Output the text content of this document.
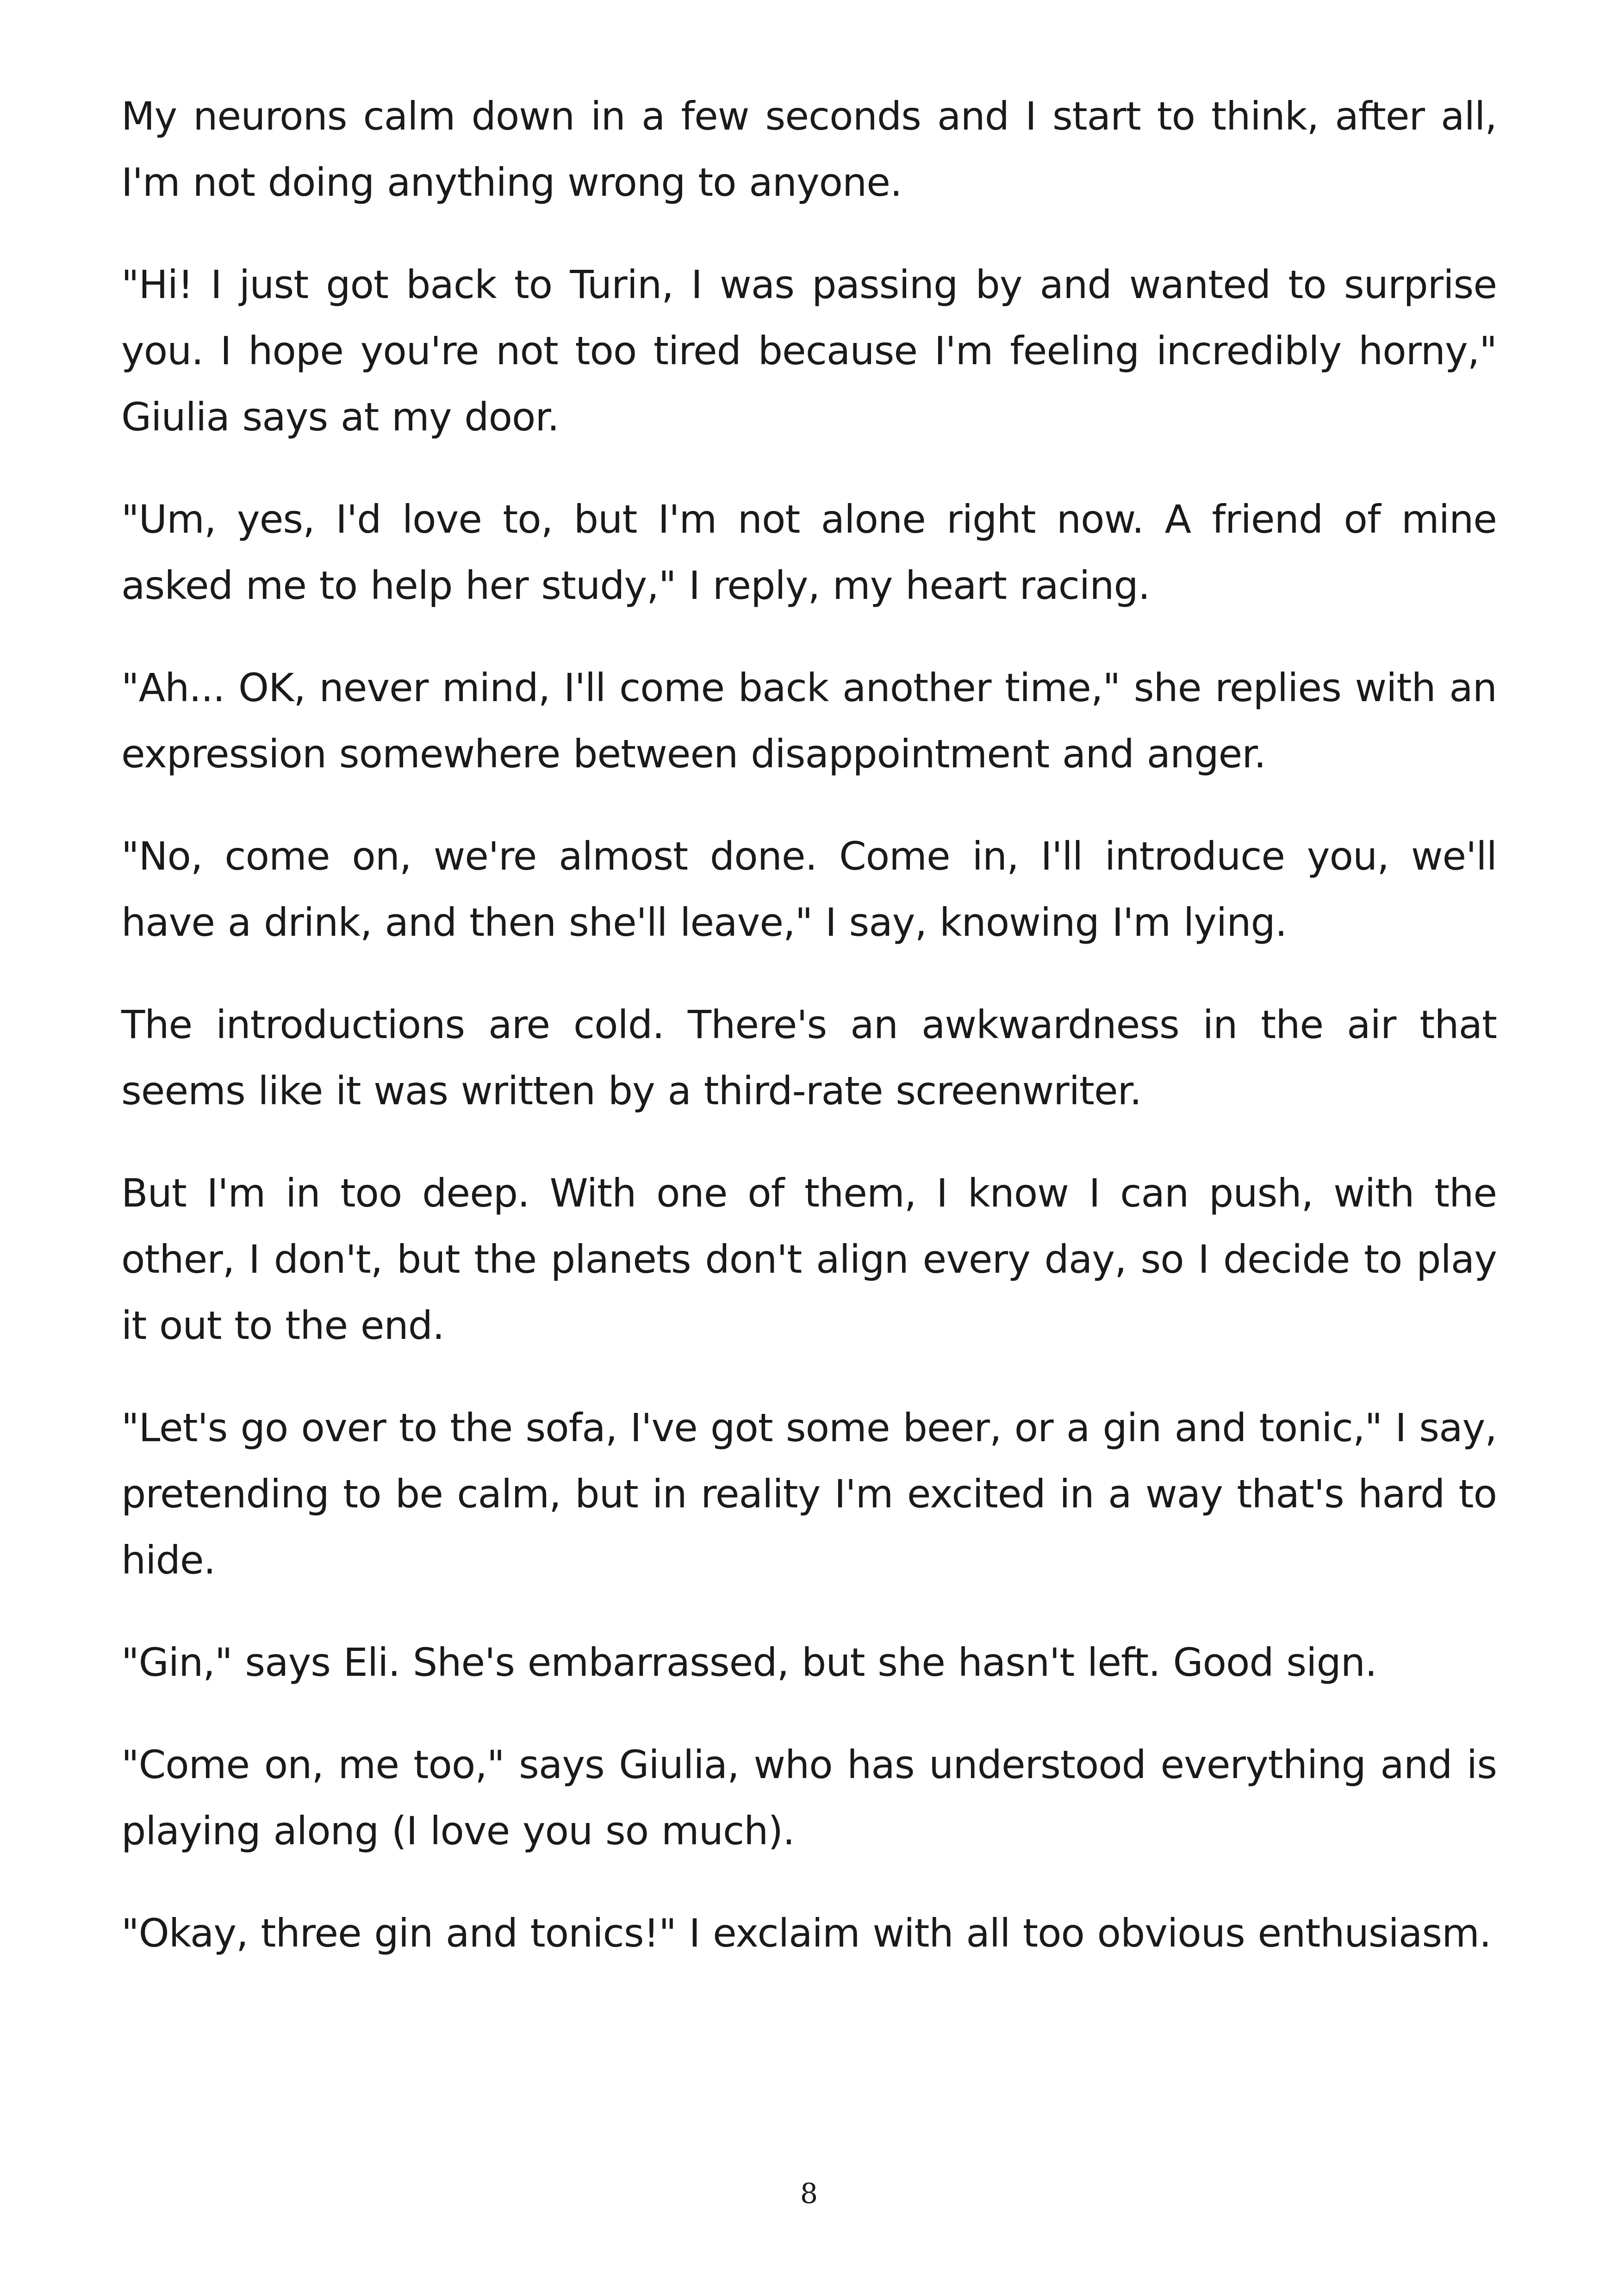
My neurons calm down in a few seconds and I start to think, after all, I'm not doing anything wrong to anyone.

"Hi! I just got back to Turin, I was passing by and wanted to surprise you. I hope you're not too tired because I'm feeling incredibly horny," Giulia says at my door.

"Um, yes, I'd love to, but I'm not alone right now. A friend of mine asked me to help her study," I reply, my heart racing.

"Ah... OK, never mind, I'll come back another time," she replies with an expression somewhere between disappointment and anger.

"No, come on, we're almost done. Come in, I'll introduce you, we'll have a drink, and then she'll leave," I say, knowing I'm lying.

The introductions are cold. There's an awkwardness in the air that seems like it was written by a third-rate screenwriter.

But I'm in too deep. With one of them, I know I can push, with the other, I don't, but the planets don't align every day, so I decide to play it out to the end.

"Let's go over to the sofa, I've got some beer, or a gin and tonic," I say, pretending to be calm, but in reality I'm excited in a way that's hard to hide.

"Gin," says Eli. She's embarrassed, but she hasn't left. Good sign.

"Come on, me too," says Giulia, who has understood everything and is playing along (I love you so much).

"Okay, three gin and tonics!" I exclaim with all too obvious enthusiasm.

8
